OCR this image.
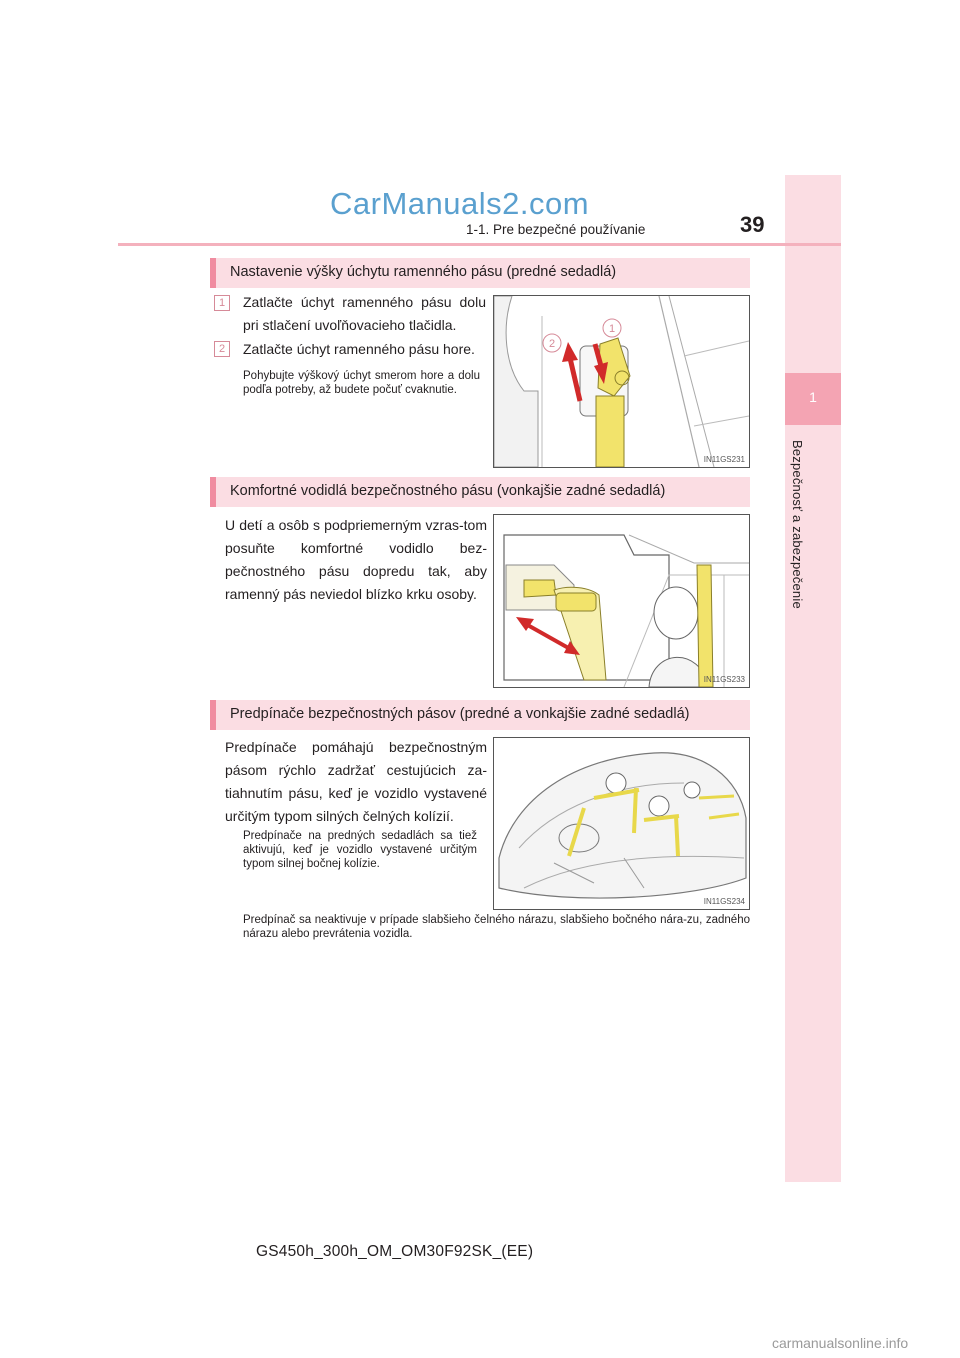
1
Bezpečnosť a zabezpečenie
CarManuals2.com
1-1. Pre bezpečné používanie	39
Nastavenie výšky úchytu ramenného pásu (predné sedadlá)
1	Zatlačte úchyt ramenného pásu dolu pri stlačení uvoľňovacieho tlačidla.
2	Zatlačte úchyt ramenného pásu hore.
Pohybujte výškový úchyt smerom hore a dolu podľa potreby, až budete počuť cvaknutie.
2
1
IN11GS231
Komfortné vodidlá bezpečnostného pásu (vonkajšie zadné sedadlá)
U detí a osôb s podpriemerným vzras-tom posuňte komfortné vodidlo bez-pečnostného pásu dopredu tak, aby ramenný pás neviedol blízko krku osoby.
IN11GS233
Predpínače bezpečnostných pásov (predné a vonkajšie zadné sedadlá)
Predpínače pomáhajú bezpečnostným pásom rýchlo zadržať cestujúcich za-tiahnutím pásu, keď je vozidlo vystavené určitým typom silných čelných kolízií.
Predpínače na predných sedadlách sa tiež aktivujú, keď je vozidlo vystavené určitým typom silnej bočnej kolízie.
IN11GS234
Predpínač sa neaktivuje v prípade slabšieho čelného nárazu, slabšieho bočného nára-zu, zadného nárazu alebo prevrátenia vozidla.
GS450h_300h_OM_OM30F92SK_(EE)
carmanualsonline.info
